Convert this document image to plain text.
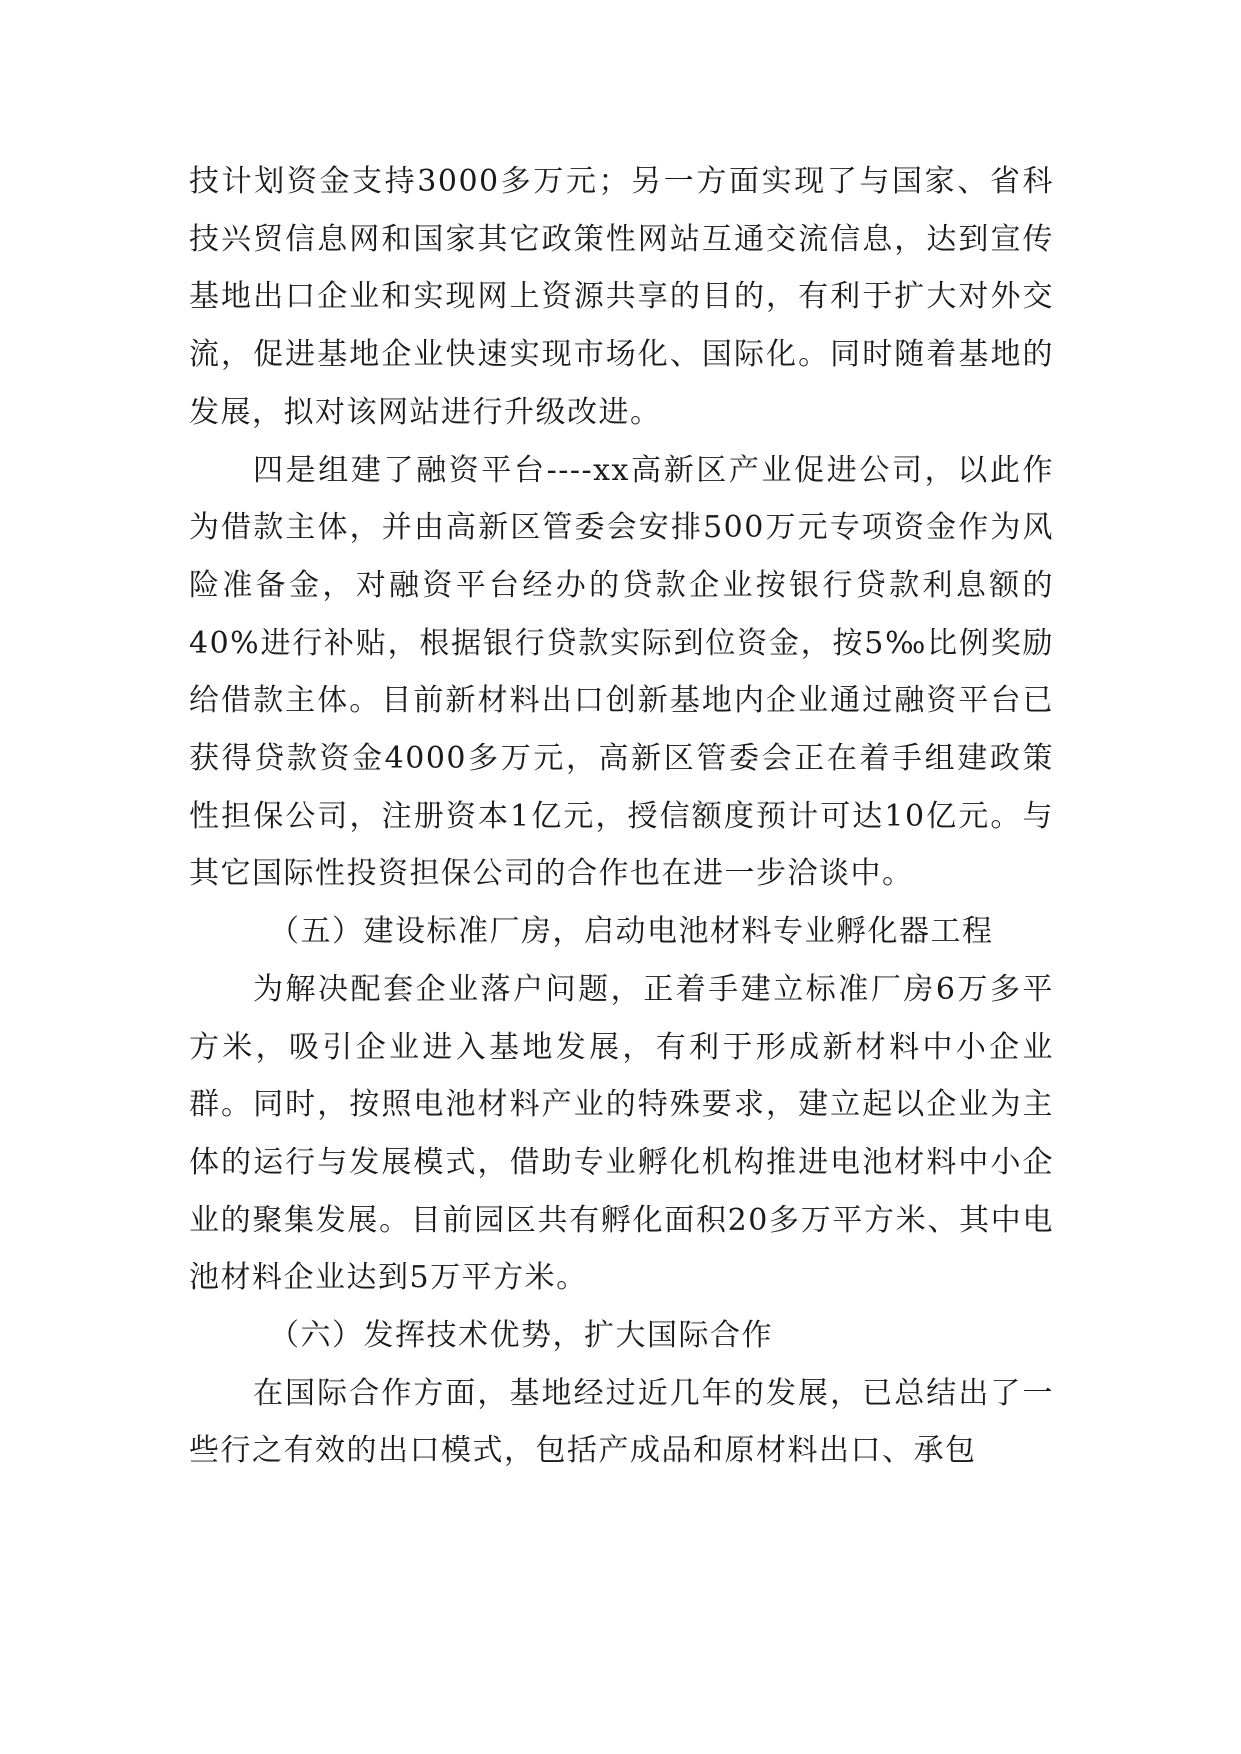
技计划资金支持3000多万元；另一方面实现了与国家、省科技兴贸信息网和国家其它政策性网站互通交流信息，达到宣传基地出口企业和实现网上资源共享的目的，有利于扩大对外交流，促进基地企业快速实现市场化、国际化。同时随着基地的发展，拟对该网站进行升级改进。

四是组建了融资平台----xx高新区产业促进公司，以此作为借款主体，并由高新区管委会安排500万元专项资金作为风险准备金，对融资平台经办的贷款企业按银行贷款利息额的40%进行补贴，根据银行贷款实际到位资金，按5‰比例奖励给借款主体。目前新材料出口创新基地内企业通过融资平台已获得贷款资金4000多万元，高新区管委会正在着手组建政策性担保公司，注册资本1亿元，授信额度预计可达10亿元。与其它国际性投资担保公司的合作也在进一步洽谈中。

（五）建设标准厂房，启动电池材料专业孵化器工程

为解决配套企业落户问题，正着手建立标准厂房6万多平方米，吸引企业进入基地发展，有利于形成新材料中小企业群。同时，按照电池材料产业的特殊要求，建立起以企业为主体的运行与发展模式，借助专业孵化机构推进电池材料中小企业的聚集发展。目前园区共有孵化面积20多万平方米、其中电池材料企业达到5万平方米。

（六）发挥技术优势，扩大国际合作

在国际合作方面，基地经过近几年的发展，已总结出了一些行之有效的出口模式，包括产成品和原材料出口、承包
